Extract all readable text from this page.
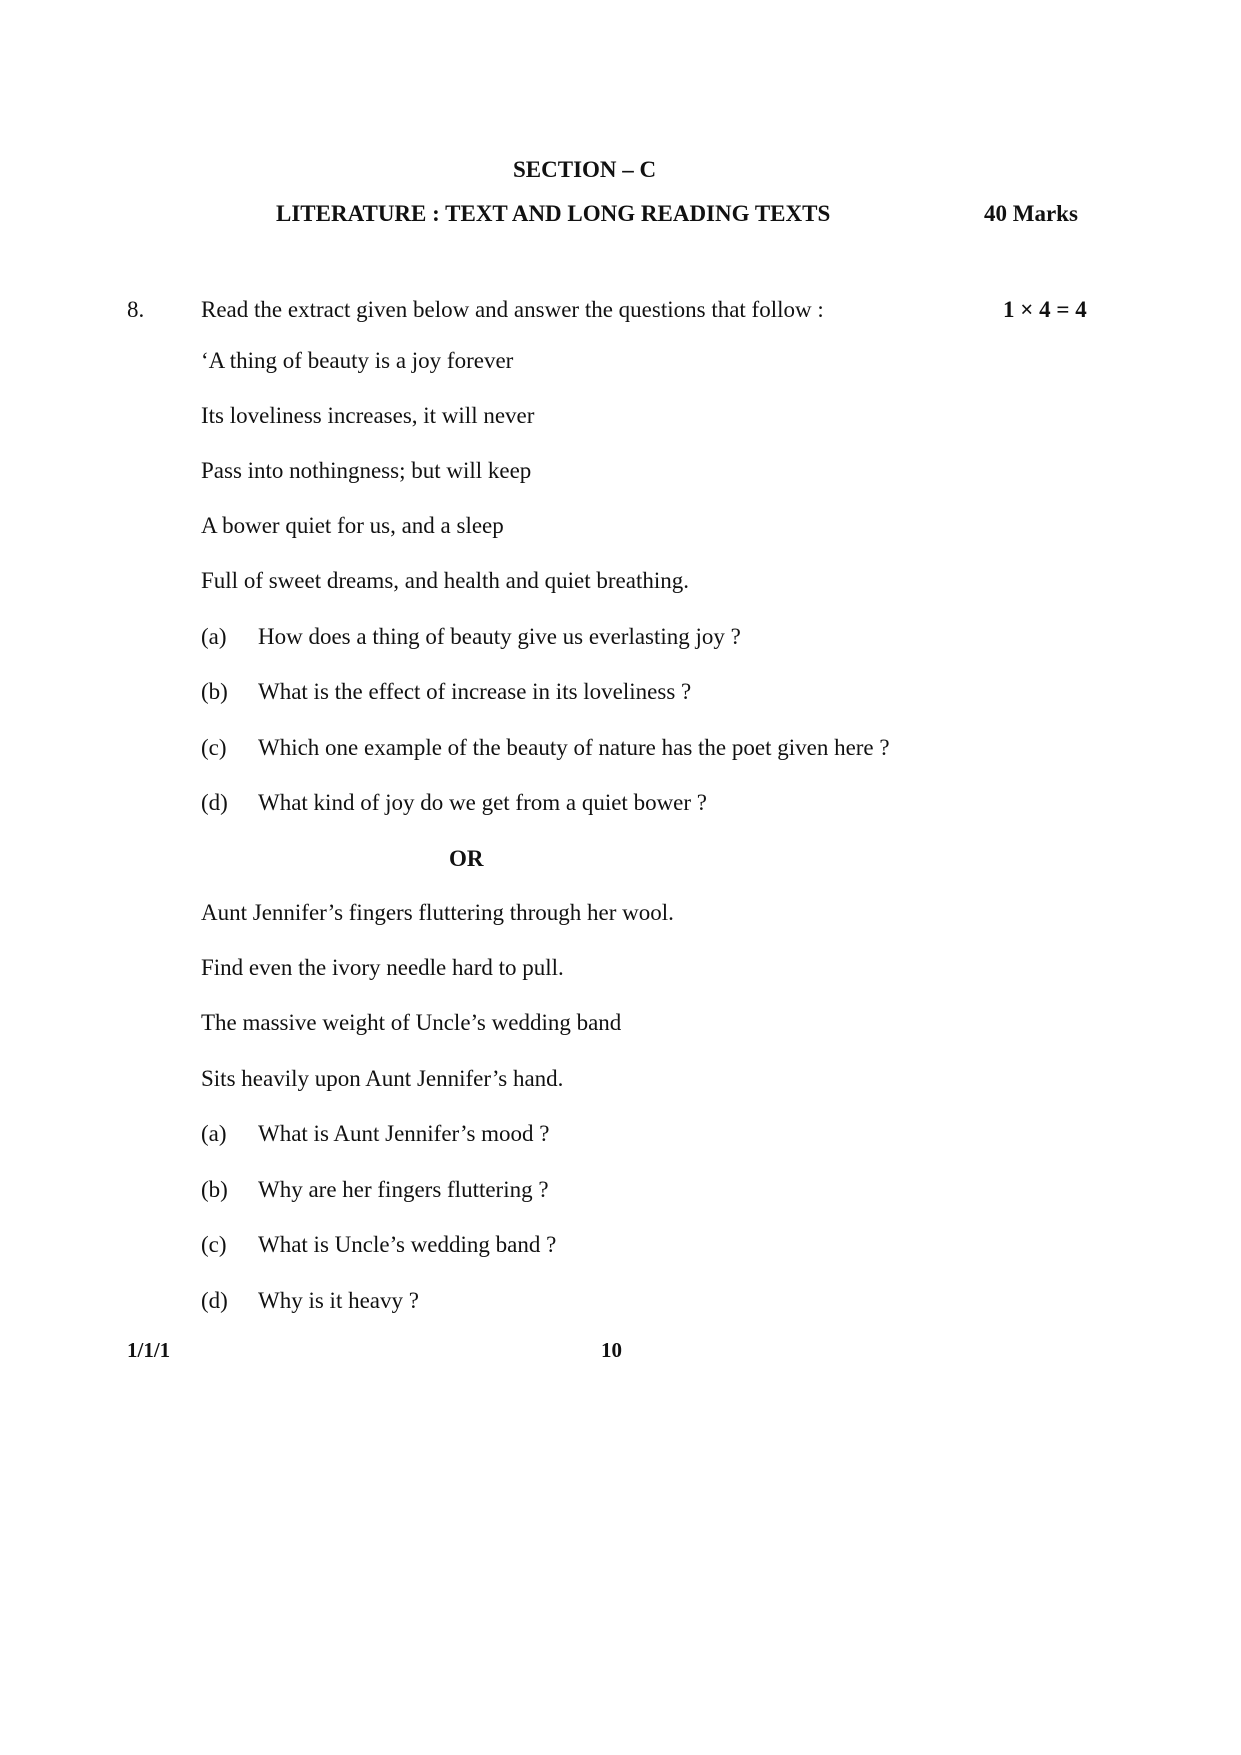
SECTION – C
LITERATURE : TEXT AND LONG READING TEXTS	40 Marks
8. Read the extract given below and answer the questions that follow :	1 × 4 = 4
‘A thing of beauty is a joy forever
Its loveliness increases, it will never
Pass into nothingness; but will keep
A bower quiet for us, and a sleep
Full of sweet dreams, and health and quiet breathing.
(a) How does a thing of beauty give us everlasting joy ?
(b) What is the effect of increase in its loveliness ?
(c) Which one example of the beauty of nature has the poet given here ?
(d) What kind of joy do we get from a quiet bower ?
OR
Aunt Jennifer’s fingers fluttering through her wool.
Find even the ivory needle hard to pull.
The massive weight of Uncle’s wedding band
Sits heavily upon Aunt Jennifer’s hand.
(a) What is Aunt Jennifer’s mood ?
(b) Why are her fingers fluttering ?
(c) What is Uncle’s wedding band ?
(d) Why is it heavy ?
1/1/1	10
